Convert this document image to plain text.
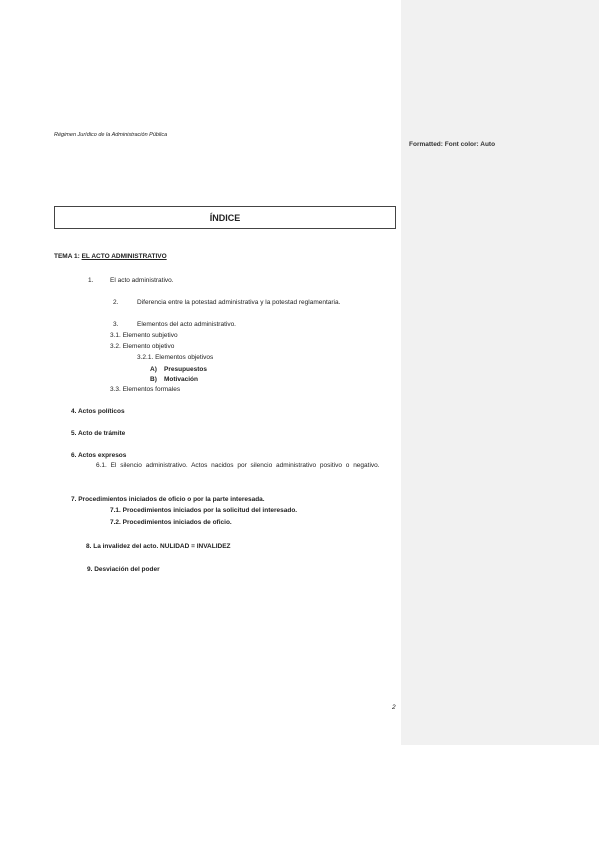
Formatted: Font color: Auto
Régimen Jurídico de la Administración Pública
ÍNDICE
TEMA 1: EL ACTO ADMINISTRATIVO
1.	El acto administrativo.
2.	Diferencia entre la potestad administrativa y la potestad reglamentaria.
3.	Elementos del acto administrativo.
3.1. Elemento subjetivo
3.2. Elemento objetivo
3.2.1. Elementos objetivos
A) Presupuestos
B) Motivación
3.3. Elementos formales
4. Actos políticos
5. Acto de trámite
6. Actos expresos
6.1. El silencio administrativo. Actos nacidos por silencio administrativo positivo o negativo.
7. Procedimientos iniciados de oficio o por la parte interesada.
7.1. Procedimientos iniciados por la solicitud del interesado.
7.2. Procedimientos iniciados de oficio.
8. La invalidez del acto. NULIDAD = INVALIDEZ
9. Desviación del poder
2
